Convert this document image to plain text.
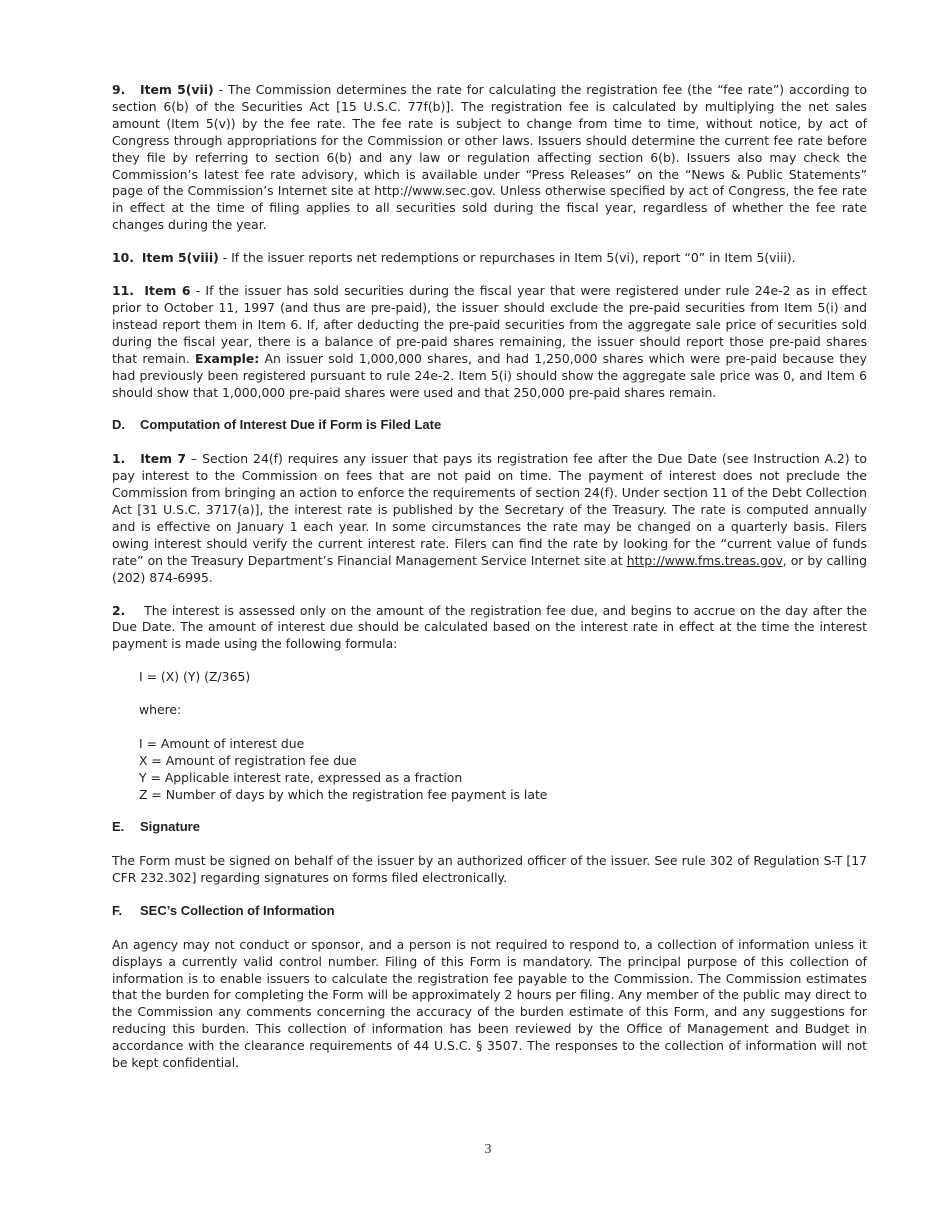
9. Item 5(vii) - The Commission determines the rate for calculating the registration fee (the “fee rate”) according to section 6(b) of the Securities Act [15 U.S.C. 77f(b)]. The registration fee is calculated by multiplying the net sales amount (Item 5(v)) by the fee rate. The fee rate is subject to change from time to time, without notice, by act of Congress through appropriations for the Commission or other laws. Issuers should determine the current fee rate before they file by referring to section 6(b) and any law or regulation affecting section 6(b). Issuers also may check the Commission’s latest fee rate advisory, which is available under “Press Releases” on the “News & Public Statements” page of the Commission’s Internet site at http://www.sec.gov. Unless otherwise specified by act of Congress, the fee rate in effect at the time of filing applies to all securities sold during the fiscal year, regardless of whether the fee rate changes during the year.

10. Item 5(viii) - If the issuer reports net redemptions or repurchases in Item 5(vi), report “0” in Item 5(viii).

11. Item 6 - If the issuer has sold securities during the fiscal year that were registered under rule 24e-2 as in effect prior to October 11, 1997 (and thus are pre-paid), the issuer should exclude the pre-paid securities from Item 5(i) and instead report them in Item 6. If, after deducting the pre-paid securities from the aggregate sale price of securities sold during the fiscal year, there is a balance of pre-paid shares remaining, the issuer should report those pre-paid shares that remain. Example: An issuer sold 1,000,000 shares, and had 1,250,000 shares which were pre-paid because they had previously been registered pursuant to rule 24e-2. Item 5(i) should show the aggregate sale price was 0, and Item 6 should show that 1,000,000 pre-paid shares were used and that 250,000 pre-paid shares remain.

D. Computation of Interest Due if Form is Filed Late

1. Item 7 – Section 24(f) requires any issuer that pays its registration fee after the Due Date (see Instruction A.2) to pay interest to the Commission on fees that are not paid on time. The payment of interest does not preclude the Commission from bringing an action to enforce the requirements of section 24(f). Under section 11 of the Debt Collection Act [31 U.S.C. 3717(a)], the interest rate is published by the Secretary of the Treasury. The rate is computed annually and is effective on January 1 each year. In some circumstances the rate may be changed on a quarterly basis. Filers owing interest should verify the current interest rate. Filers can find the rate by looking for the “current value of funds rate” on the Treasury Department’s Financial Management Service Internet site at http://www.fms.treas.gov, or by calling (202) 874-6995.

2. The interest is assessed only on the amount of the registration fee due, and begins to accrue on the day after the Due Date. The amount of interest due should be calculated based on the interest rate in effect at the time the interest payment is made using the following formula:

I = (X) (Y) (Z/365)

where:

I = Amount of interest due
X = Amount of registration fee due
Y = Applicable interest rate, expressed as a fraction
Z = Number of days by which the registration fee payment is late
E. Signature

The Form must be signed on behalf of the issuer by an authorized officer of the issuer. See rule 302 of Regulation S-T [17 CFR 232.302] regarding signatures on forms filed electronically.

F. SEC’s Collection of Information

An agency may not conduct or sponsor, and a person is not required to respond to, a collection of information unless it displays a currently valid control number. Filing of this Form is mandatory. The principal purpose of this collection of information is to enable issuers to calculate the registration fee payable to the Commission. The Commission estimates that the burden for completing the Form will be approximately 2 hours per filing. Any member of the public may direct to the Commission any comments concerning the accuracy of the burden estimate of this Form, and any suggestions for reducing this burden. This collection of information has been reviewed by the Office of Management and Budget in accordance with the clearance requirements of 44 U.S.C. § 3507. The responses to the collection of information will not be kept confidential.

3
